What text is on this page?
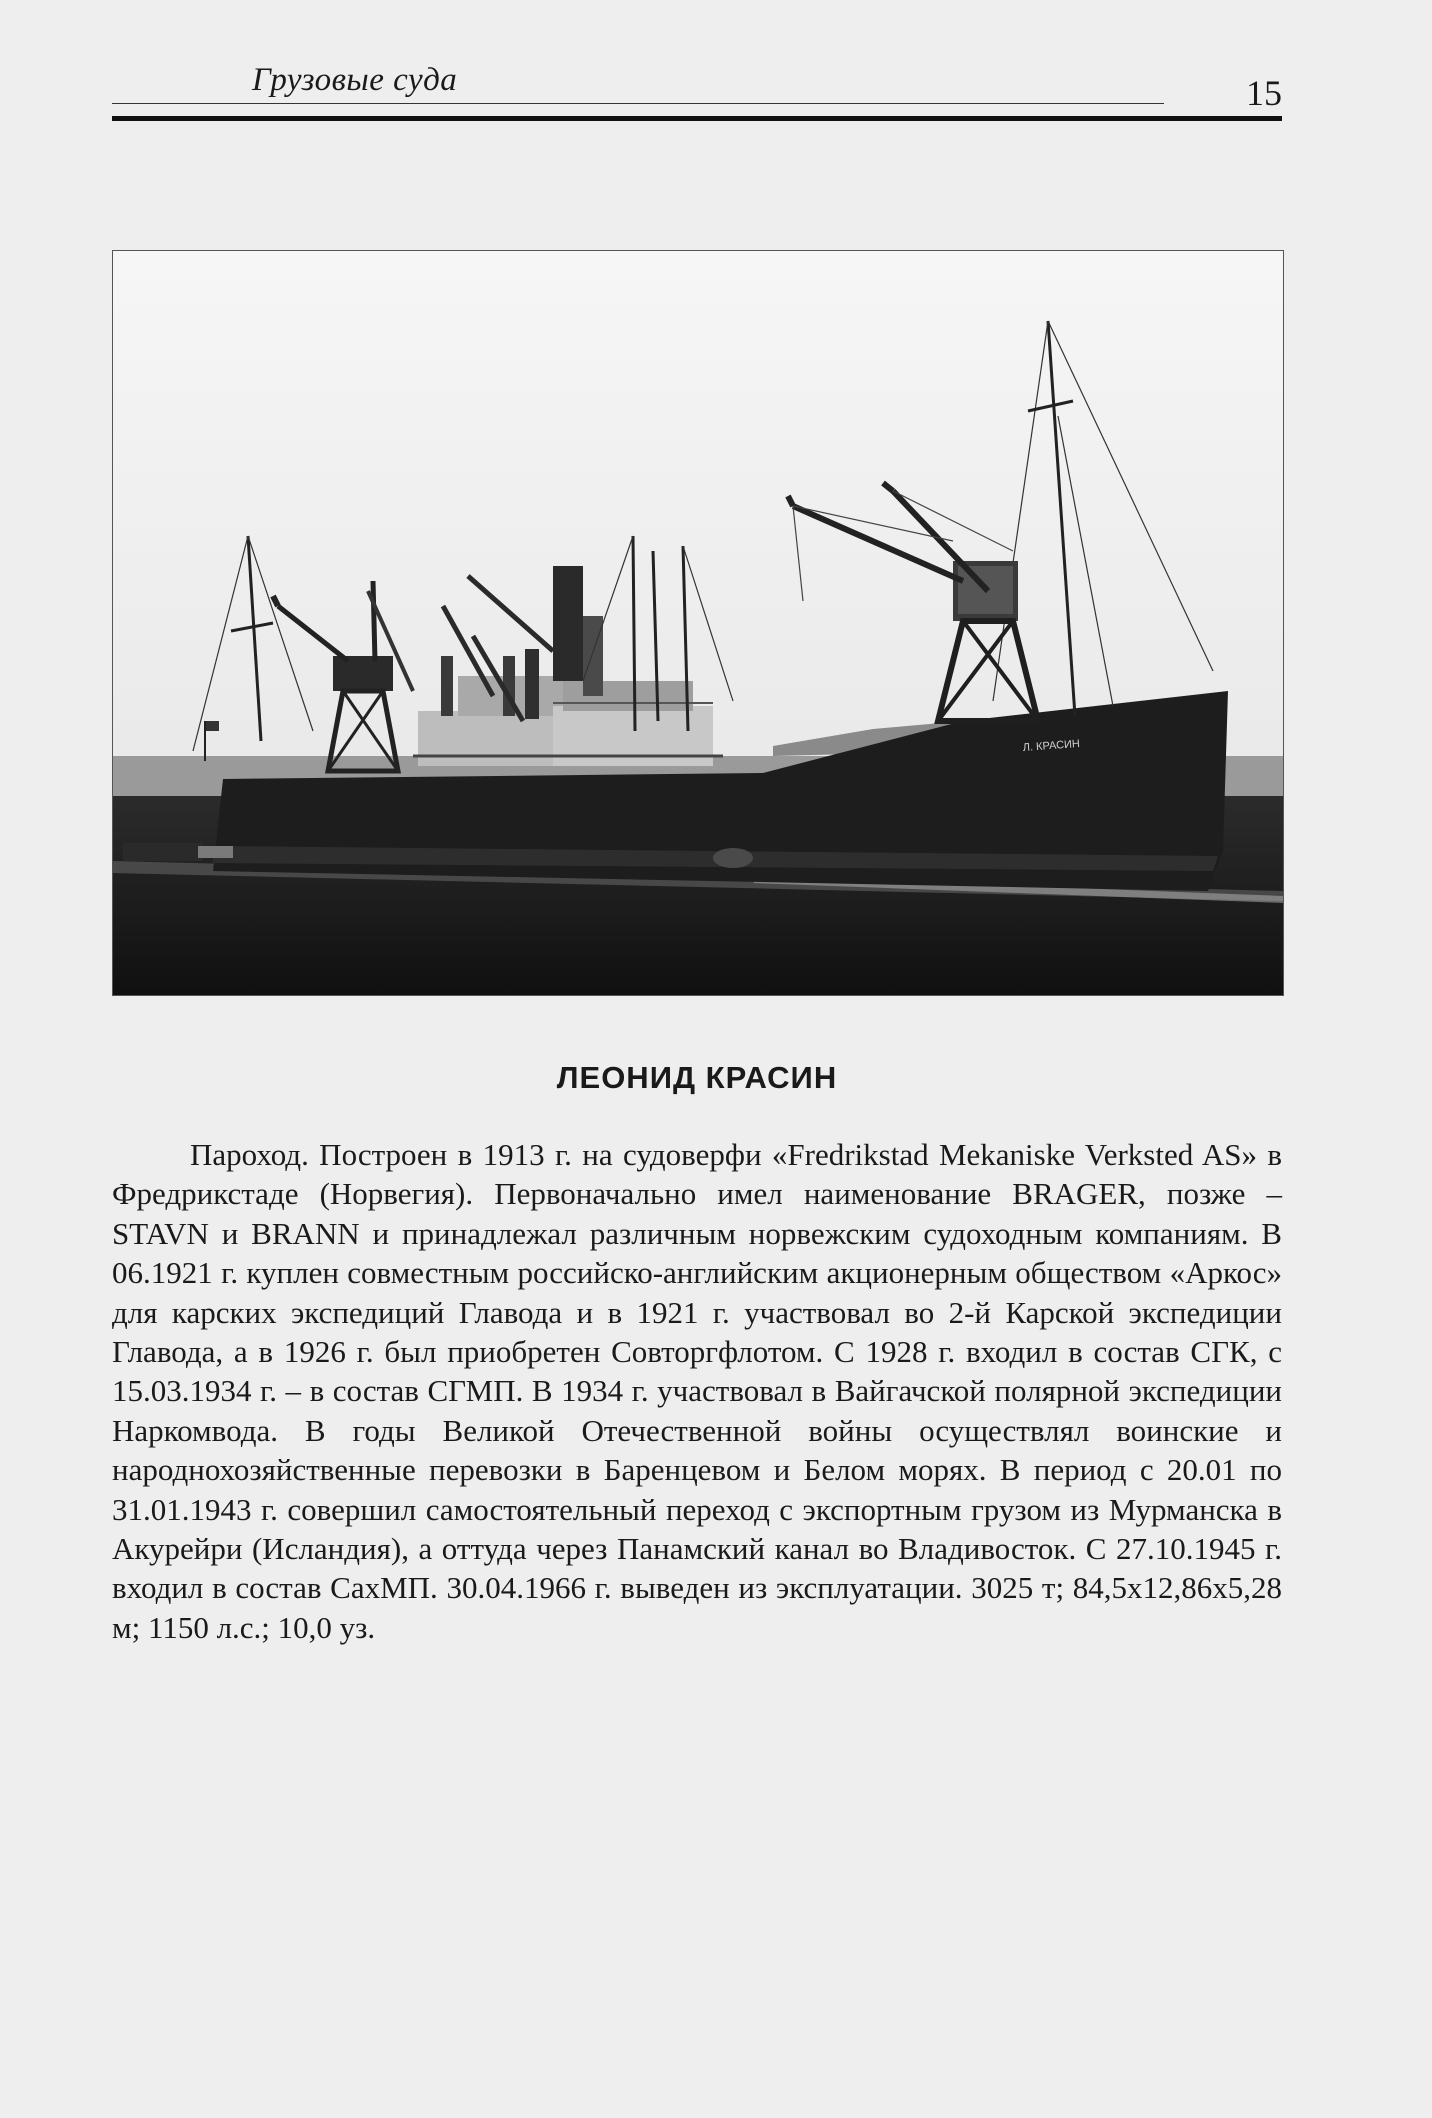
Грузовые суда	15
Л. КРАСИН
ЛЕОНИД КРАСИН

Пароход. Построен в 1913 г. на судоверфи «Fredrikstad Mekaniske Verksted AS» в Фредрикстаде (Норвегия). Первоначально имел наименование BRAGER, позже – STAVN и BRANN и принадлежал различным норвежским судоходным компаниям. В 06.1921 г. куплен совместным российско-английским акционерным обществом «Аркос» для карских экспедиций Главода и в 1921 г. участвовал во 2-й Карской экспедиции Главода, а в 1926 г. был приобретен Совторгфлотом. С 1928 г. входил в состав СГК, с 15.03.1934 г. – в состав СГМП. В 1934 г. участвовал в Вайгачской полярной экспедиции Наркомвода. В годы Великой Отечественной войны осуществлял воинские и народнохозяйственные перевозки в Баренцевом и Белом морях. В период с 20.01 по 31.01.1943 г. совершил самостоятельный переход с экспортным грузом из Мурманска в Акурейри (Исландия), а оттуда через Панамский канал во Владивосток. С 27.10.1945 г. входил в состав СахМП. 30.04.1966 г. выведен из эксплуатации. 3025 т; 84,5х12,86х5,28 м; 1150 л.с.; 10,0 уз.
